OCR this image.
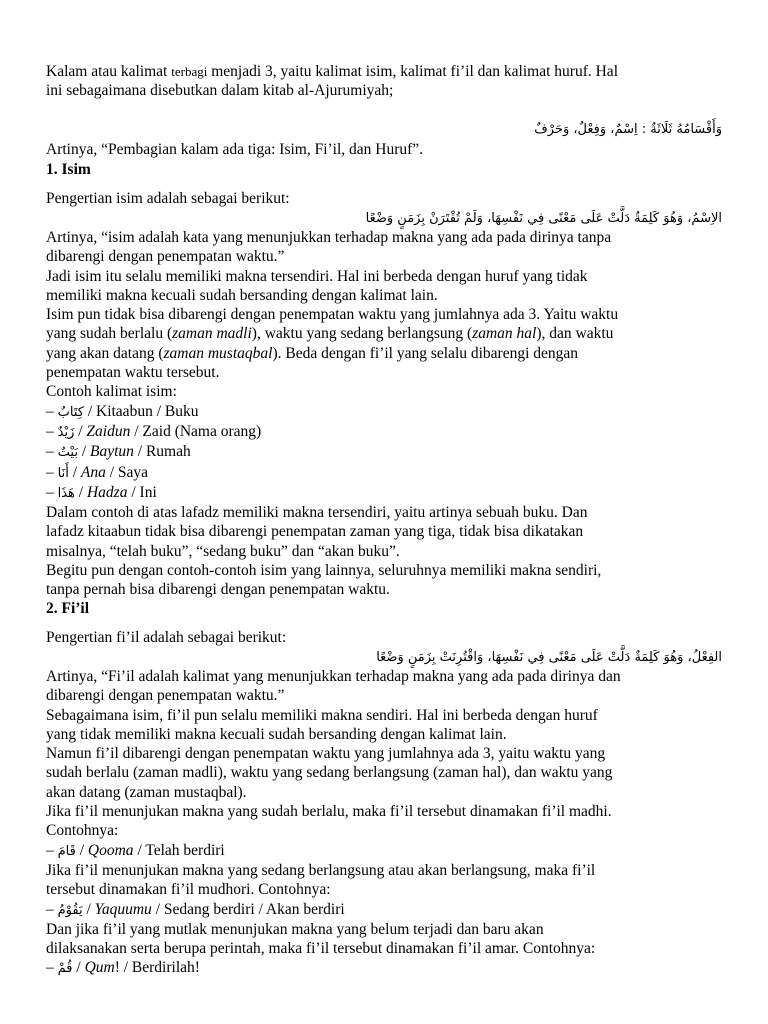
Kalam atau kalimat terbagi menjadi 3, yaitu kalimat isim, kalimat fi’il dan kalimat huruf. Hal
ini sebagaimana disebutkan dalam kitab al-Ajurumiyah;
وَأَقْسَامُهُ ثَلَاثَةٌ : اِسْمٌ، وَفِعْلٌ، وَحَرْفٌ
Artinya, “Pembagian kalam ada tiga: Isim, Fi’il, dan Huruf”.
1. Isim
Pengertian isim adalah sebagai berikut:
الاِسْمُ، وَهُوَ كَلِمَةٌ دَلَّتْ عَلَى مَعْنًى فِي نَفْسِهَا، وَلَمْ تُقْتَرَنْ بِزَمَنٍ وَضْعًا
Artinya, “isim adalah kata yang menunjukkan terhadap makna yang ada pada dirinya tanpa
dibarengi dengan penempatan waktu.”
Jadi isim itu selalu memiliki makna tersendiri. Hal ini berbeda dengan huruf yang tidak
memiliki makna kecuali sudah bersanding dengan kalimat lain.
Isim pun tidak bisa dibarengi dengan penempatan waktu yang jumlahnya ada 3. Yaitu waktu
yang sudah berlalu (zaman madli), waktu yang sedang berlangsung (zaman hal), dan waktu
yang akan datang (zaman mustaqbal). Beda dengan fi’il yang selalu dibarengi dengan
penempatan waktu tersebut.
Contoh kalimat isim:
– كِتَابٌ / Kitaabun / Buku
– زَيْدٌ / Zaidun / Zaid (Nama orang)
– بَيْتٌ / Baytun / Rumah
– أَنَا / Ana / Saya
– هَذَا / Hadza / Ini
Dalam contoh di atas lafadz memiliki makna tersendiri, yaitu artinya sebuah buku. Dan
lafadz kitaabun tidak bisa dibarengi penempatan zaman yang tiga, tidak bisa dikatakan
misalnya, “telah buku”, “sedang buku” dan “akan buku”.
Begitu pun dengan contoh-contoh isim yang lainnya, seluruhnya memiliki makna sendiri,
tanpa pernah bisa dibarengi dengan penempatan waktu.
2. Fi’il
Pengertian fi’il adalah sebagai berikut:
الفِعْلُ، وَهُوَ كَلِمَةٌ دَلَّتْ عَلَى مَعْنًى فِي نَفْسِهَا، وَاقْتُرِنَتْ بِزَمَنٍ وَضْعًا
Artinya, “Fi’il adalah kalimat yang menunjukkan terhadap makna yang ada pada dirinya dan
dibarengi dengan penempatan waktu.”
Sebagaimana isim, fi’il pun selalu memiliki makna sendiri. Hal ini berbeda dengan huruf
yang tidak memiliki makna kecuali sudah bersanding dengan kalimat lain.
Namun fi’il dibarengi dengan penempatan waktu yang jumlahnya ada 3, yaitu waktu yang
sudah berlalu (zaman madli), waktu yang sedang berlangsung (zaman hal), dan waktu yang
akan datang (zaman mustaqbal).
Jika fi’il menunjukan makna yang sudah berlalu, maka fi’il tersebut dinamakan fi’il madhi.
Contohnya:
– قَامَ / Qooma / Telah berdiri
Jika fi’il menunjukan makna yang sedang berlangsung atau akan berlangsung, maka fi’il
tersebut dinamakan fi’il mudhori. Contohnya:
– يَقُوْمُ / Yaquumu / Sedang berdiri / Akan berdiri
Dan jika fi’il yang mutlak menunjukan makna yang belum terjadi dan baru akan
dilaksanakan serta berupa perintah, maka fi’il tersebut dinamakan fi’il amar. Contohnya:
– قُمْ / Qum! / Berdirilah!
